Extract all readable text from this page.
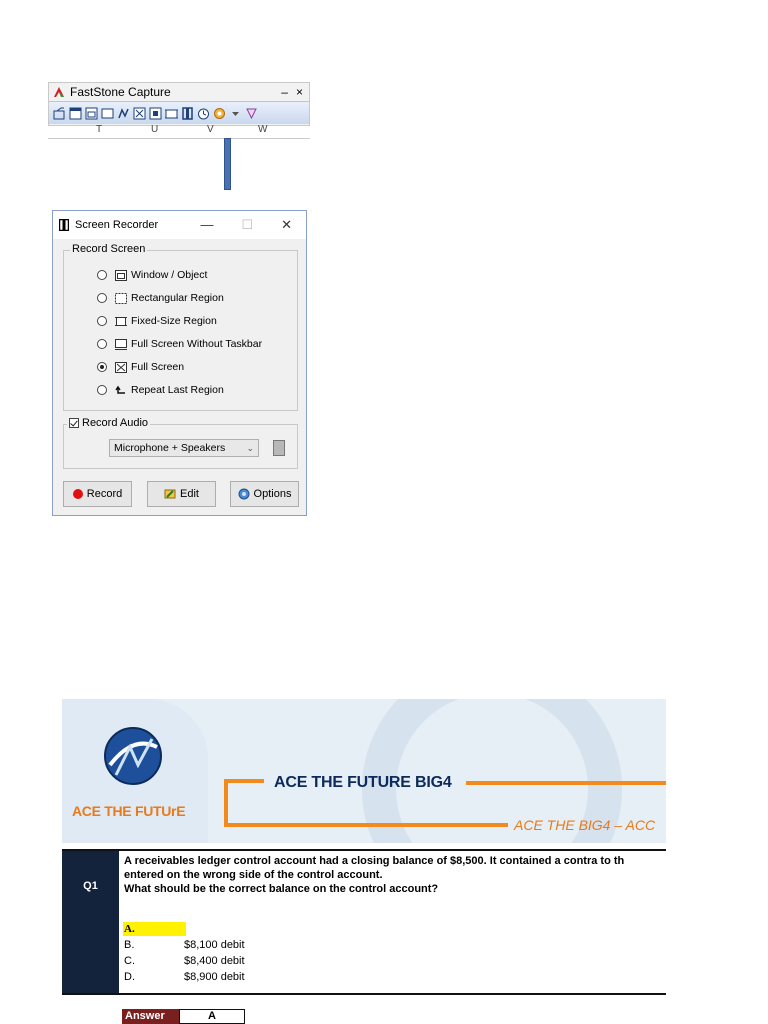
FastStone Capture	– ×
T	U	V	W
Screen Recorder	— ☐ ✕
Record Screen
Window / Object
Rectangular Region
Fixed-Size Region
Full Screen Without Taskbar
Full Screen
Repeat Last Region
Record Audio
Microphone + Speakers ⌄
Record	Edit	Options
ACE THE FUTUrE
ACE THE FUTURE BIG4
ACE THE BIG4 – ACC
Q1
A receivables ledger control account had a closing balance of $8,500. It contained a contra to th
entered on the wrong side of the control account.
What should be the correct balance on the control account?
A.
B.	$8,100 debit
C.	$8,400 debit
D.	$8,900 debit
Answer	A
